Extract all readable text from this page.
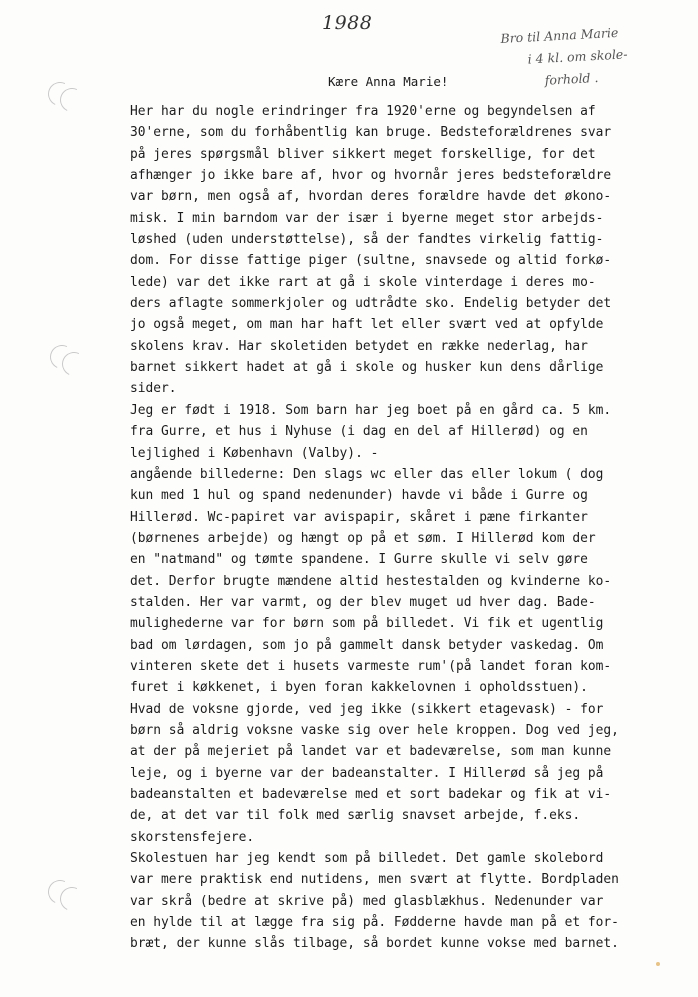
1988
Bro til Anna Marie
i 4 kl. om skole-
forhold .
Kære Anna Marie!
Her har du nogle erindringer fra 1920'erne og begyndelsen af
30'erne, som du forhåbentlig kan bruge. Bedsteforældrenes svar
på jeres spørgsmål bliver sikkert meget forskellige, for det
afhænger jo ikke bare af, hvor og hvornår jeres bedsteforældre
var børn, men også af, hvordan deres forældre havde det økono-
misk. I min barndom var der især i byerne meget stor arbejds-
løshed (uden understøttelse), så der fandtes virkelig fattig-
dom. For disse fattige piger (sultne, snavsede og altid forkø-
lede) var det ikke rart at gå i skole vinterdage i deres mo-
ders aflagte sommerkjoler og udtrådte sko. Endelig betyder det
jo også meget, om man har haft let eller svært ved at opfylde
skolens krav. Har skoletiden betydet en række nederlag, har
barnet sikkert hadet at gå i skole og husker kun dens dårlige
sider.
Jeg er født i 1918. Som barn har jeg boet på en gård ca. 5 km.
fra Gurre, et hus i Nyhuse (i dag en del af Hillerød) og en
lejlighed i København (Valby). -
angående billederne: Den slags wc eller das eller lokum ( dog
kun med 1 hul og spand nedenunder) havde vi både i Gurre og
Hillerød. Wc-papiret var avispapir, skåret i pæne firkanter
(børnenes arbejde) og hængt op på et søm. I Hillerød kom der
en "natmand" og tømte spandene. I Gurre skulle vi selv gøre
det. Derfor brugte mændene altid hestestalden og kvinderne ko-
stalden. Her var varmt, og der blev muget ud hver dag. Bade-
mulighederne var for børn som på billedet. Vi fik et ugentlig
bad om lørdagen, som jo på gammelt dansk betyder vaskedag. Om
vinteren skete det i husets varmeste rum'(på landet foran kom-
furet i køkkenet, i byen foran kakkelovnen i opholdsstuen).
Hvad de voksne gjorde, ved jeg ikke (sikkert etagevask) - for
børn så aldrig voksne vaske sig over hele kroppen. Dog ved jeg,
at der på mejeriet på landet var et badeværelse, som man kunne
leje, og i byerne var der badeanstalter. I Hillerød så jeg på
badeanstalten et badeværelse med et sort badekar og fik at vi-
de, at det var til folk med særlig snavset arbejde, f.eks.
skorstensfejere.
Skolestuen har jeg kendt som på billedet. Det gamle skolebord
var mere praktisk end nutidens, men svært at flytte. Bordpladen
var skrå (bedre at skrive på) med glasblækhus. Nedenunder var
en hylde til at lægge fra sig på. Fødderne havde man på et for-
bræt, der kunne slås tilbage, så bordet kunne vokse med barnet.
